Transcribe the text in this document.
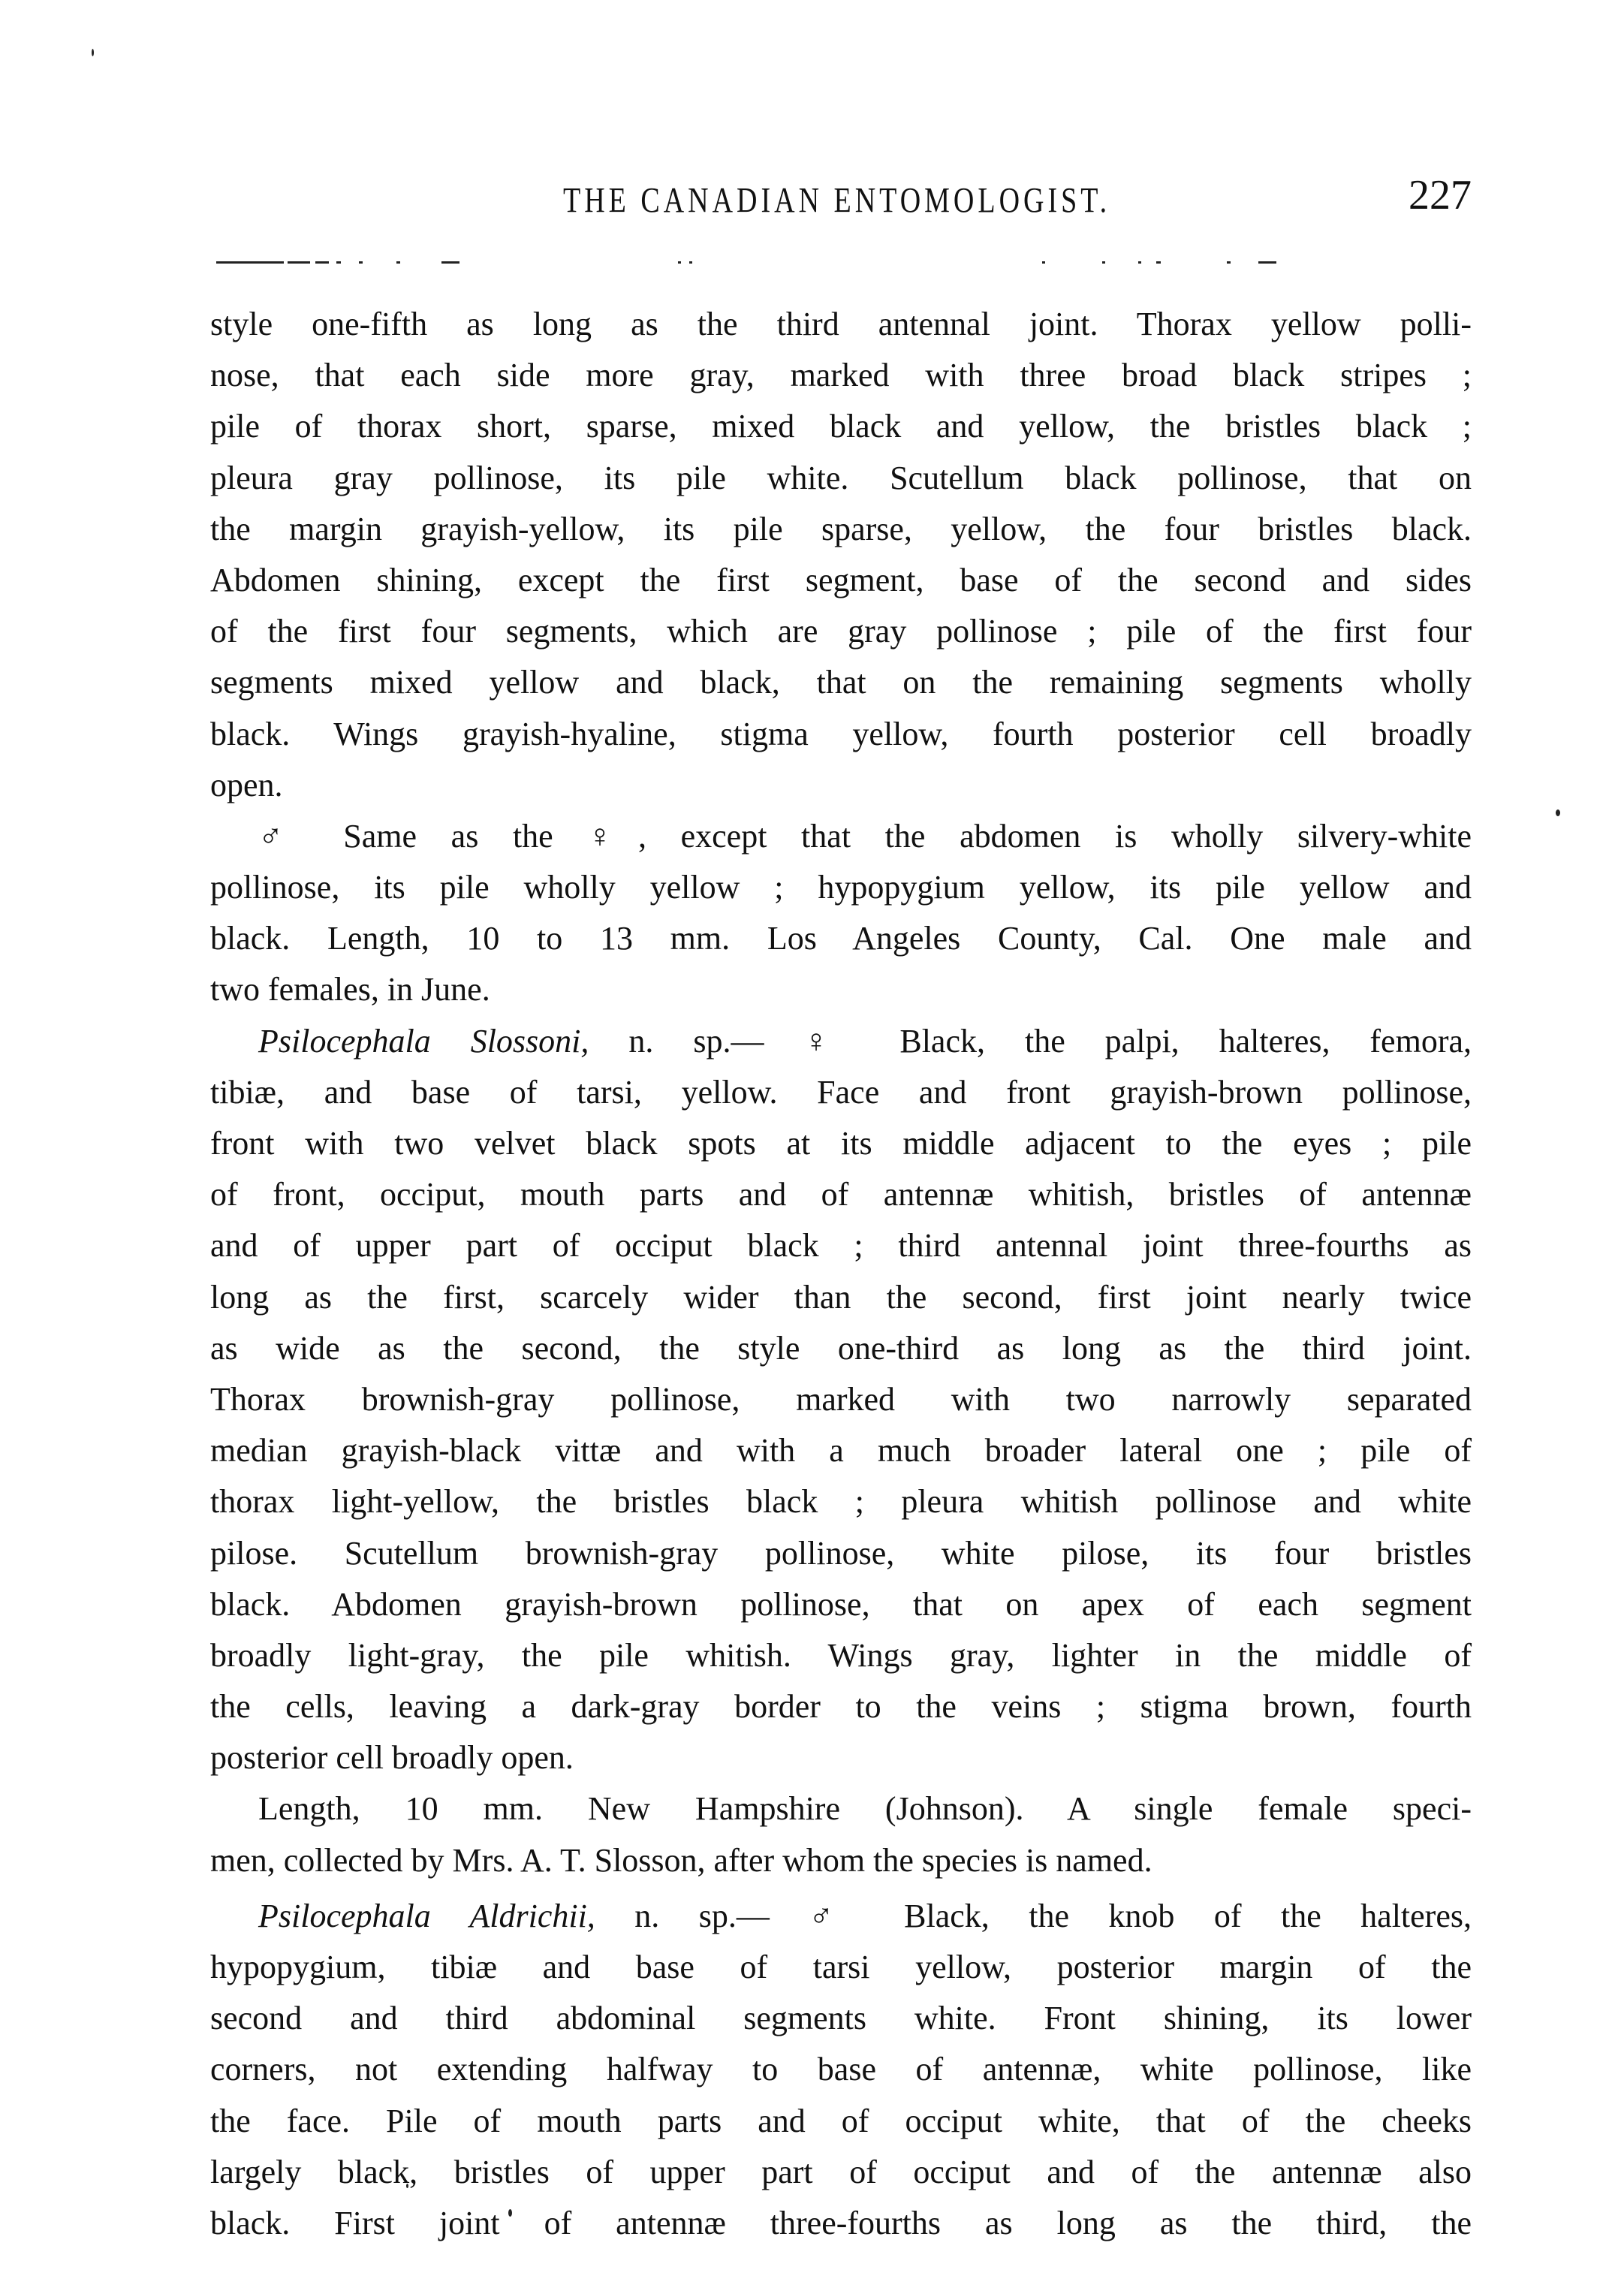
THE CANADIAN ENTOMOLOGIST.	227
style one-fifth as long as the third antennal joint. Thorax yellow polli-
nose, that each side more gray, marked with three broad black stripes ;
pile of thorax short, sparse, mixed black and yellow, the bristles black ;
pleura gray pollinose, its pile white. Scutellum black pollinose, that on
the margin grayish-yellow, its pile sparse, yellow, the four bristles black.
Abdomen shining, except the first segment, base of the second and sides
of the first four segments, which are gray pollinose ; pile of the first four
segments mixed yellow and black, that on the remaining segments wholly
black. Wings grayish-hyaline, stigma yellow, fourth posterior cell broadly
open.
♂ Same as the ♀, except that the abdomen is wholly silvery-white
pollinose, its pile wholly yellow ; hypopygium yellow, its pile yellow and
black. Length, 10 to 13 mm. Los Angeles County, Cal. One male and
two females, in June.
Psilocephala Slossoni, n. sp.— ♀ Black, the palpi, halteres, femora,
tibiæ, and base of tarsi, yellow. Face and front grayish-brown pollinose,
front with two velvet black spots at its middle adjacent to the eyes ; pile
of front, occiput, mouth parts and of antennæ whitish, bristles of antennæ
and of upper part of occiput black ; third antennal joint three-fourths as
long as the first, scarcely wider than the second, first joint nearly twice
as wide as the second, the style one-third as long as the third joint.
Thorax brownish-gray pollinose, marked with two narrowly separated
median grayish-black vittæ and with a much broader lateral one ; pile of
thorax light-yellow, the bristles black ; pleura whitish pollinose and white
pilose. Scutellum brownish-gray pollinose, white pilose, its four bristles
black. Abdomen grayish-brown pollinose, that on apex of each segment
broadly light-gray, the pile whitish. Wings gray, lighter in the middle of
the cells, leaving a dark-gray border to the veins ; stigma brown, fourth
posterior cell broadly open.
Length, 10 mm. New Hampshire (Johnson). A single female speci-
men, collected by Mrs. A. T. Slosson, after whom the species is named.
Psilocephala Aldrichii, n. sp.— ♂ Black, the knob of the halteres,
hypopygium, tibiæ and base of tarsi yellow, posterior margin of the
second and third abdominal segments white. Front shining, its lower
corners, not extending halfway to base of antennæ, white pollinose, like
the face. Pile of mouth parts and of occiput white, that of the cheeks
largely black, bristles of upper part of occiput and of the antennæ also
black. First joint of antennæ three-fourths as long as the third, the
